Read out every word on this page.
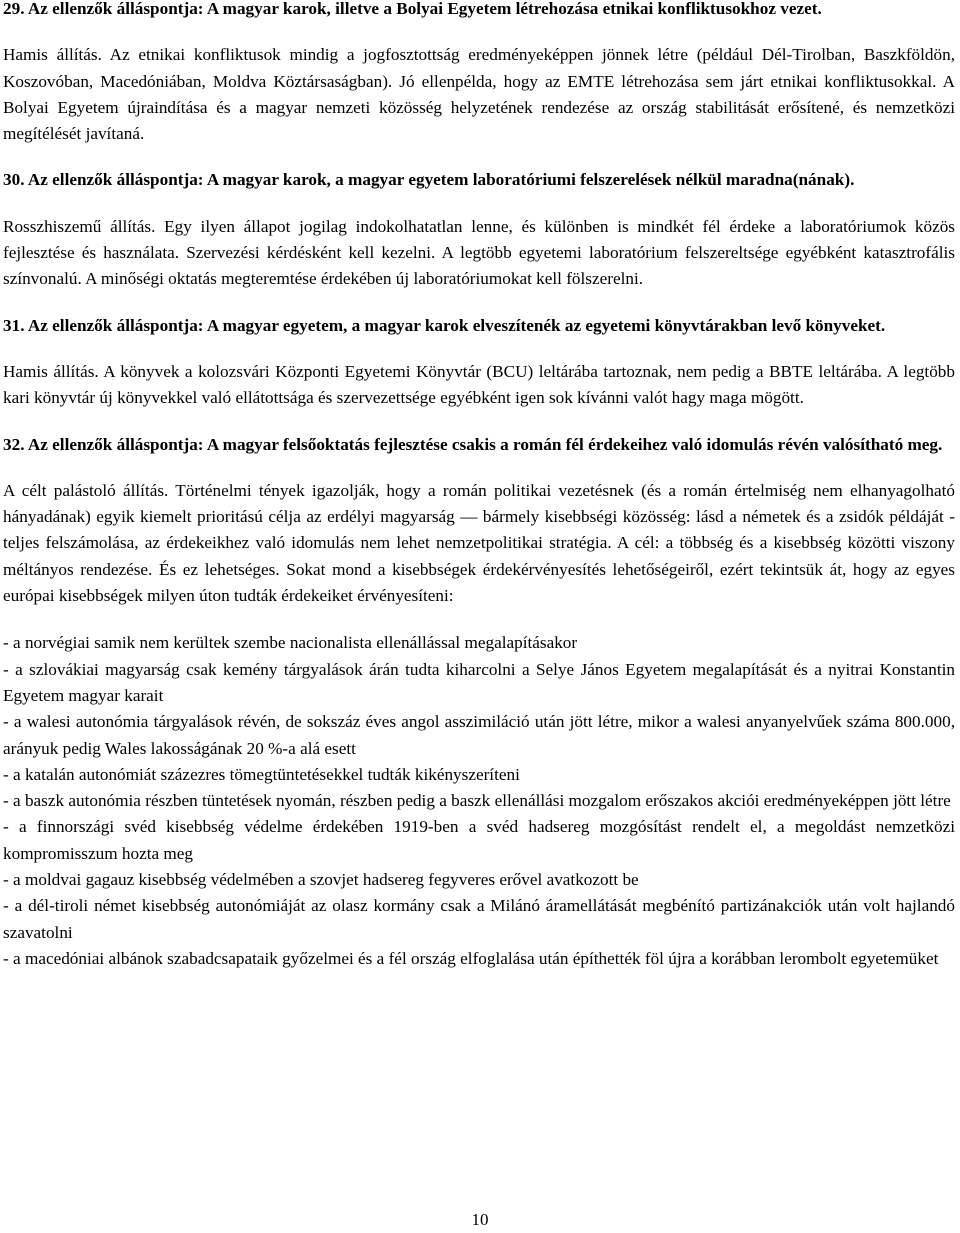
29. Az ellenzők álláspontja: A magyar karok, illetve a Bolyai Egyetem létrehozása etnikai konfliktusokhoz vezet.

Hamis állítás. Az etnikai konfliktusok mindig a jogfosztottság eredményeképpen jönnek létre (például Dél-Tirolban, Baszkföldön, Koszovóban, Macedóniában, Moldva Köztársaságban). Jó ellenpélda, hogy az EMTE létrehozása sem járt etnikai konfliktusokkal. A Bolyai Egyetem újraindítása és a magyar nemzeti közösség helyzetének rendezése az ország stabilitását erősítené, és nemzetközi megítélését javítaná.

30. Az ellenzők álláspontja: A magyar karok, a magyar egyetem laboratóriumi felszerelések nélkül maradna(nának).

Rosszhiszemű állítás. Egy ilyen állapot jogilag indokolhatatlan lenne, és különben is mindkét fél érdeke a laboratóriumok közös fejlesztése és használata. Szervezési kérdésként kell kezelni. A legtöbb egyetemi laboratórium felszereltsége egyébként katasztrofális színvonalú. A minőségi oktatás megteremtése érdekében új laboratóriumokat kell fölszerelni.

31. Az ellenzők álláspontja: A magyar egyetem, a magyar karok elveszítenék az egyetemi könyvtárakban levő könyveket.

Hamis állítás. A könyvek a kolozsvári Központi Egyetemi Könyvtár (BCU) leltárába tartoznak, nem pedig a BBTE leltárába. A legtöbb kari könyvtár új könyvekkel való ellátottsága és szervezettsége egyébként igen sok kívánni valót hagy maga mögött.

32. Az ellenzők álláspontja: A magyar felsőoktatás fejlesztése csakis a román fél érdekeihez való idomulás révén valósítható meg.

A célt palástoló állítás. Történelmi tények igazolják, hogy a román politikai vezetésnek (és a román értelmiség nem elhanyagolható hányadának) egyik kiemelt prioritású célja az erdélyi magyarság — bármely kisebbségi közösség: lásd a németek és a zsidók példáját - teljes felszámolása, az érdekeikhez való idomulás nem lehet nemzetpolitikai stratégia. A cél: a többség és a kisebbség közötti viszony méltányos rendezése. És ez lehetséges. Sokat mond a kisebbségek érdekérvényesítés lehetőségeiről, ezért tekintsük át, hogy az egyes európai kisebbségek milyen úton tudták érdekeiket érvényesíteni:

- a norvégiai samik nem kerültek szembe nacionalista ellenállással megalapításakor

- a szlovákiai magyarság csak kemény tárgyalások árán tudta kiharcolni a Selye János Egyetem megalapítását és a nyitrai Konstantin Egyetem magyar karait

- a walesi autonómia tárgyalások révén, de sokszáz éves angol asszimiláció után jött létre, mikor a walesi anyanyelvűek száma 800.000, arányuk pedig Wales lakosságának 20 %-a alá esett

- a katalán autonómiát százezres tömegtüntetésekkel tudták kikényszeríteni

- a baszk autonómia részben tüntetések nyomán, részben pedig a baszk ellenállási mozgalom erőszakos akciói eredményeképpen jött létre

- a finnországi svéd kisebbség védelme érdekében 1919-ben a svéd hadsereg mozgósítást rendelt el, a megoldást nemzetközi kompromisszum hozta meg

- a moldvai gagauz kisebbség védelmében a szovjet hadsereg fegyveres erővel avatkozott be

- a dél-tiroli német kisebbség autonómiáját az olasz kormány csak a Milánó áramellátását megbénító partizánakciók után volt hajlandó szavatolni

- a macedóniai albánok szabadcsapataik győzelmei és a fél ország elfoglalása után építhették föl újra a korábban lerombolt egyetemüket

10
